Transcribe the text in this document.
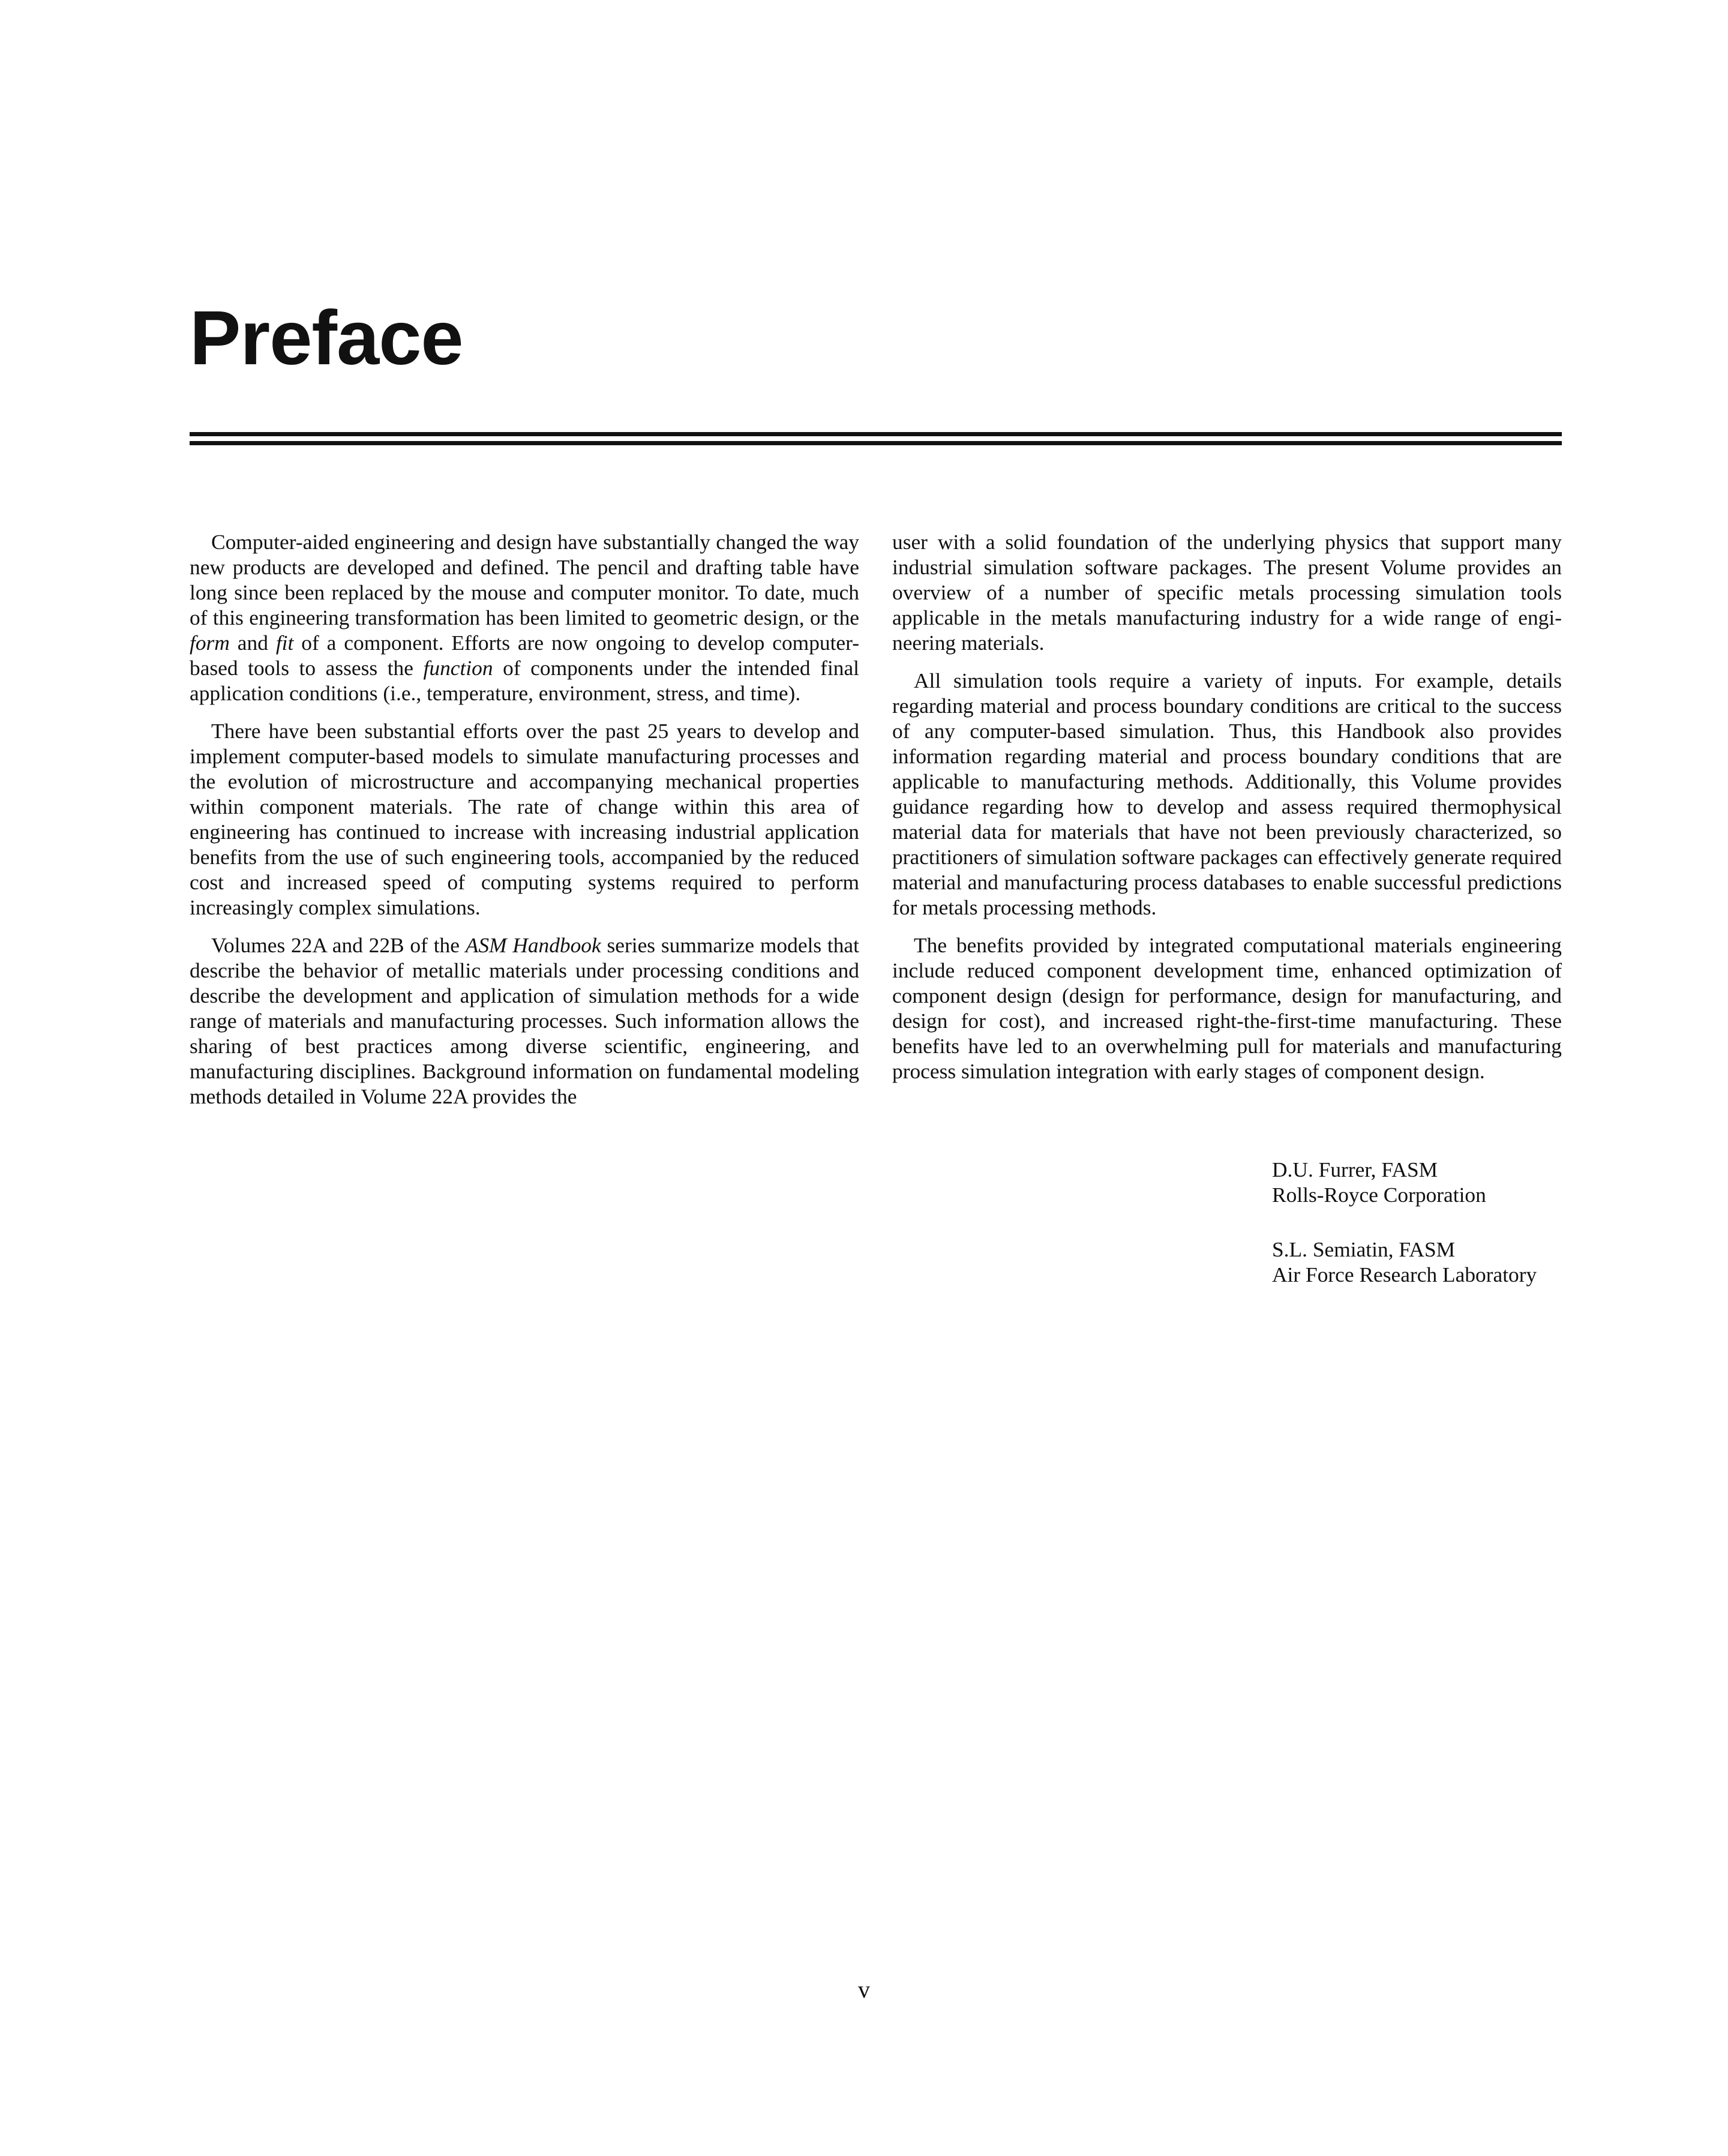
Preface

Computer-aided engineering and design have substantially changed the way new products are developed and defined. The pencil and drafting table have long since been replaced by the mouse and computer monitor. To date, much of this engineering transformation has been limited to geometric design, or the form and fit of a component. Efforts are now ongoing to develop computer-based tools to assess the function of components under the intended final application conditions (i.e., temperature, environment, stress, and time).

There have been substantial efforts over the past 25 years to develop and implement computer-based models to simulate manufacturing processes and the evolution of microstructure and accompanying mechanical properties within component materials. The rate of change within this area of engineering has continued to increase with increasing industrial application benefits from the use of such engineering tools, accompanied by the reduced cost and increased speed of computing systems required to perform increasingly complex simulations.

Volumes 22A and 22B of the ASM Handbook series summarize models that describe the behavior of metallic materials under processing conditions and describe the development and application of simulation methods for a wide range of materials and manufacturing processes. Such information allows the sharing of best practices among diverse scientific, engineering, and manufacturing disciplines. Background information on fundamental modeling methods detailed in Volume 22A provides the

user with a solid foundation of the underlying physics that support many industrial simulation software packages. The present Volume provides an overview of a number of specific metals processing simulation tools applicable in the metals manufacturing industry for a wide range of engineering materials.

All simulation tools require a variety of inputs. For example, details regarding material and process boundary conditions are critical to the success of any computer-based simulation. Thus, this Handbook also provides information regarding material and process boundary conditions that are applicable to manufacturing methods. Additionally, this Volume provides guidance regarding how to develop and assess required thermophysical material data for materials that have not been previously characterized, so practitioners of simulation software packages can effectively generate required material and manufacturing process databases to enable successful predictions for metals processing methods.

The benefits provided by integrated computational materials engineering include reduced component development time, enhanced optimization of component design (design for performance, design for manufacturing, and design for cost), and increased right-the-first-time manufacturing. These benefits have led to an overwhelming pull for materials and manufacturing process simulation integration with early stages of component design.

D.U. Furrer, FASM
Rolls-Royce Corporation
S.L. Semiatin, FASM
Air Force Research Laboratory
v
